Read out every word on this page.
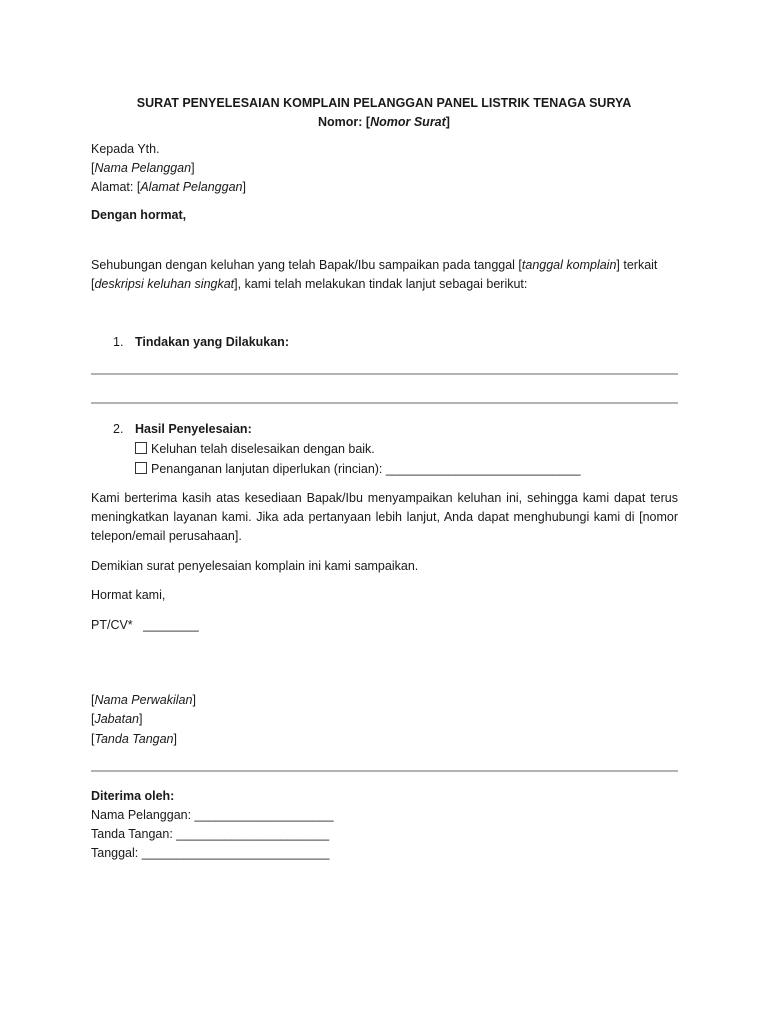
SURAT PENYELESAIAN KOMPLAIN PELANGGAN PANEL LISTRIK TENAGA SURYA
Nomor: [Nomor Surat]
Kepada Yth.
[Nama Pelanggan]
Alamat: [Alamat Pelanggan]
Dengan hormat,
Sehubungan dengan keluhan yang telah Bapak/Ibu sampaikan pada tanggal [tanggal komplain] terkait
[deskripsi keluhan singkat], kami telah melakukan tindak lanjut sebagai berikut:
1. Tindakan yang Dilakukan:
2. Hasil Penyelesaian:
Keluhan telah diselesaikan dengan baik.
Penanganan lanjutan diperlukan (rincian): ____________________________
Kami berterima kasih atas kesediaan Bapak/Ibu menyampaikan keluhan ini, sehingga kami dapat terus meningkatkan layanan kami. Jika ada pertanyaan lebih lanjut, Anda dapat menghubungi kami di [nomor telepon/email perusahaan].
Demikian surat penyelesaian komplain ini kami sampaikan.
Hormat kami,
PT/CV*   ________
[Nama Perwakilan]
[Jabatan]
[Tanda Tangan]
Diterima oleh:
Nama Pelanggan: ____________________
Tanda Tangan: ______________________
Tanggal: ___________________________
